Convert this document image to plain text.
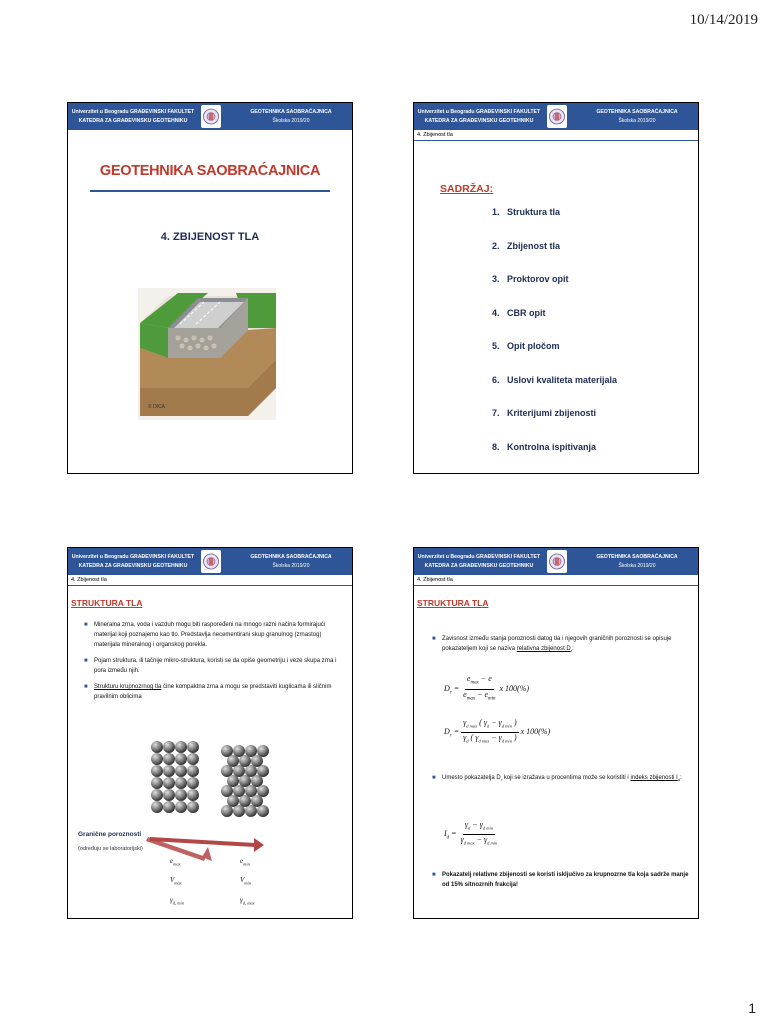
10/14/2019
1
Univerzitet u Beogradu GRAĐEVINSKI FAKULTET
KATEDRA ZA GRAĐEVINSKU GEOTEHNIKU
GEOTEHNIKA SAOBRAĆAJNICA
Školska 2019/20
GEOTEHNIKA SAOBRAĆAJNICA
4. ZBIJENOST TLA
© DICA
Univerzitet u Beogradu GRAĐEVINSKI FAKULTET
KATEDRA ZA GRAĐEVINSKU GEOTEHNIKU
GEOTEHNIKA SAOBRAĆAJNICA
Školska 2019/20
4. Zbijenost tla
SADRŽAJ:
1.   Struktura tla
2.   Zbijenost tla
3.   Proktorov opit
4.   CBR opit
5.   Opit pločom
6.   Uslovi kvaliteta materijala
7.   Kriterijumi zbijenosti
8.   Kontrolna ispitivanja
Univerzitet u Beogradu GRAĐEVINSKI FAKULTET
KATEDRA ZA GRAĐEVINSKU GEOTEHNIKU
GEOTEHNIKA SAOBRAĆAJNICA
Školska 2019/20
4. Zbijenost tla
STRUKTURA TLA
■	Mineralna zrna, voda i vazduh mogu biti raspoređeni na mnogo razni načina formirajući materijal koji poznajemo kao tlo. Predstavlja necementirani skup granulnog (zrnastog) materijala mineralnog i organskog porekla.
■	Pojam struktura, ili tačnije mikro-struktura, koristi se da opiše geometriju i veze skupa zrna i pora između njih.
■	Strukturu krupnozrnog tla čine kompaktna zrna a mogu se predstaviti kuglicama ili sličnim pravilnim oblicima
Granične poroznosti
(određuju se laboratorijski)
$e_{max}$
$V_{max}$
$\gamma_{d, min}$
$e_{min}$
$V_{min}$
$\gamma_{d, max}$
Univerzitet u Beogradu GRAĐEVINSKI FAKULTET
KATEDRA ZA GRAĐEVINSKU GEOTEHNIKU
GEOTEHNIKA SAOBRAĆAJNICA
Školska 2019/20
4. Zbijenost tla
STRUKTURA TLA
■	Zavisnost između stanja poroznosti datog tla i njegovih graničnih poroznosti se opisuje pokazateljem koji se naziva relativna zbijenost $D_r$:
$D_r = \frac{e_{max} - e}{e_{max} - e_{min}}$ x 100(%)
$D_r = \frac{\gamma_{d max} ( \gamma_d - \gamma_{d min} )}{\gamma_d ( \gamma_{d max} - \gamma_{d min} )}$ x 100(%)
■	Umesto pokazatelja $D_r$ koji se izražava u procentima može se koristiti i indeks zbijenosti $I_d$:
$I_d = \frac{\gamma_d - \gamma_{d min}}{\gamma_{d max} - \gamma_{d min}}$
■	Pokazatelj relativne zbijenosti se koristi isključivo za krupnozrne tla koja sadrže manje od 15% sitnozrnih frakcija!
